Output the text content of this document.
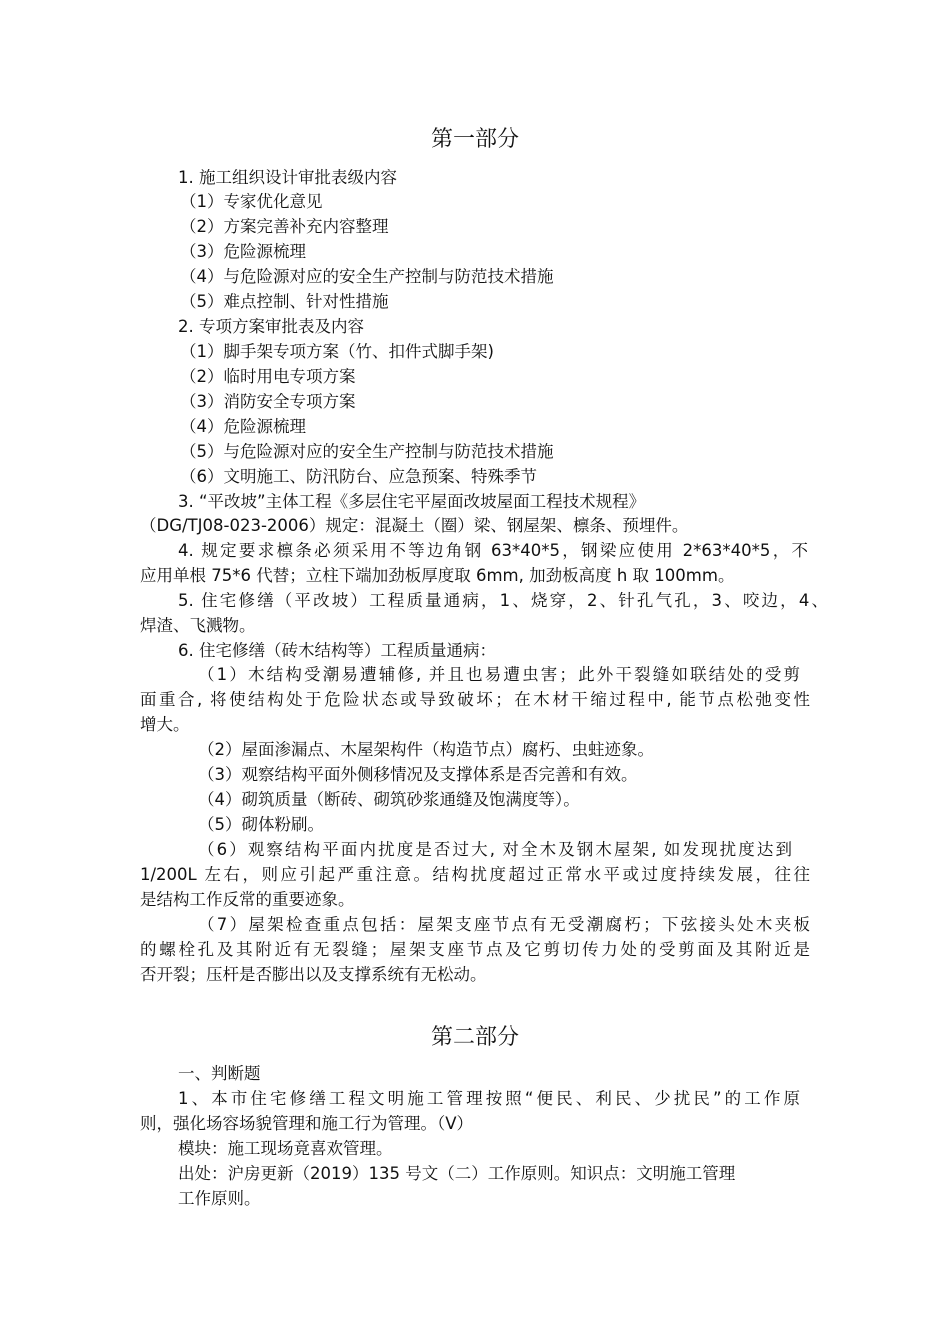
第一部分

1. 施工组织设计审批表级内容

（1）专家优化意见

（2）方案完善补充内容整理

（3）危险源梳理

（4）与危险源对应的安全生产控制与防范技术措施

（5）难点控制、针对性措施

2. 专项方案审批表及内容

（1）脚手架专项方案（竹、扣件式脚手架)

（2）临时用电专项方案

（3）消防安全专项方案

（4）危险源梳理

（5）与危险源对应的安全生产控制与防范技术措施

（6）文明施工、防汛防台、应急预案、特殊季节

3. “平改坡”主体工程《多层住宅平屋面改坡屋面工程技术规程》

（DG/TJ08-023-2006）规定：混凝土（圈）梁、钢屋架、檩条、预埋件。

4. 规定要求檩条必须采用不等边角钢 63*40*5，钢梁应使用 2*63*40*5，不

应用单根 75*6 代替；立柱下端加劲板厚度取 6mm, 加劲板高度 h 取 100mm。

5. 住宅修缮（平改坡）工程质量通病，1、烧穿，2、针孔气孔，3、咬边，4、

焊渣、飞溅物。

6. 住宅修缮（砖木结构等）工程质量通病：

（1）木结构受潮易遭辅修, 并且也易遭虫害；此外干裂缝如联结处的受剪

面重合, 将使结构处于危险状态或导致破坏；在木材干缩过程中, 能节点松弛变性

增大。

（2）屋面渗漏点、木屋架构件（构造节点）腐朽、虫蛀迹象。

（3）观察结构平面外侧移情况及支撑体系是否完善和有效。

（4）砌筑质量（断砖、砌筑砂浆通缝及饱满度等）。

（5）砌体粉刷。

（6）观察结构平面内扰度是否过大, 对全木及钢木屋架, 如发现扰度达到

1/200L 左右，则应引起严重注意。结构扰度超过正常水平或过度持续发展，往往

是结构工作反常的重要迹象。

（7）屋架检查重点包括：屋架支座节点有无受潮腐朽；下弦接头处木夹板

的螺栓孔及其附近有无裂缝；屋架支座节点及它剪切传力处的受剪面及其附近是

否开裂；压杆是否膨出以及支撑系统有无松动。

第二部分

一、判断题

1、本市住宅修缮工程文明施工管理按照“便民、利民、少扰民”的工作原

则，强化场容场貌管理和施工行为管理。（V）

模块：施工现场竟喜欢管理。

出处：沪房更新（2019）135 号文（二）工作原则。知识点：文明施工管理

工作原则。
